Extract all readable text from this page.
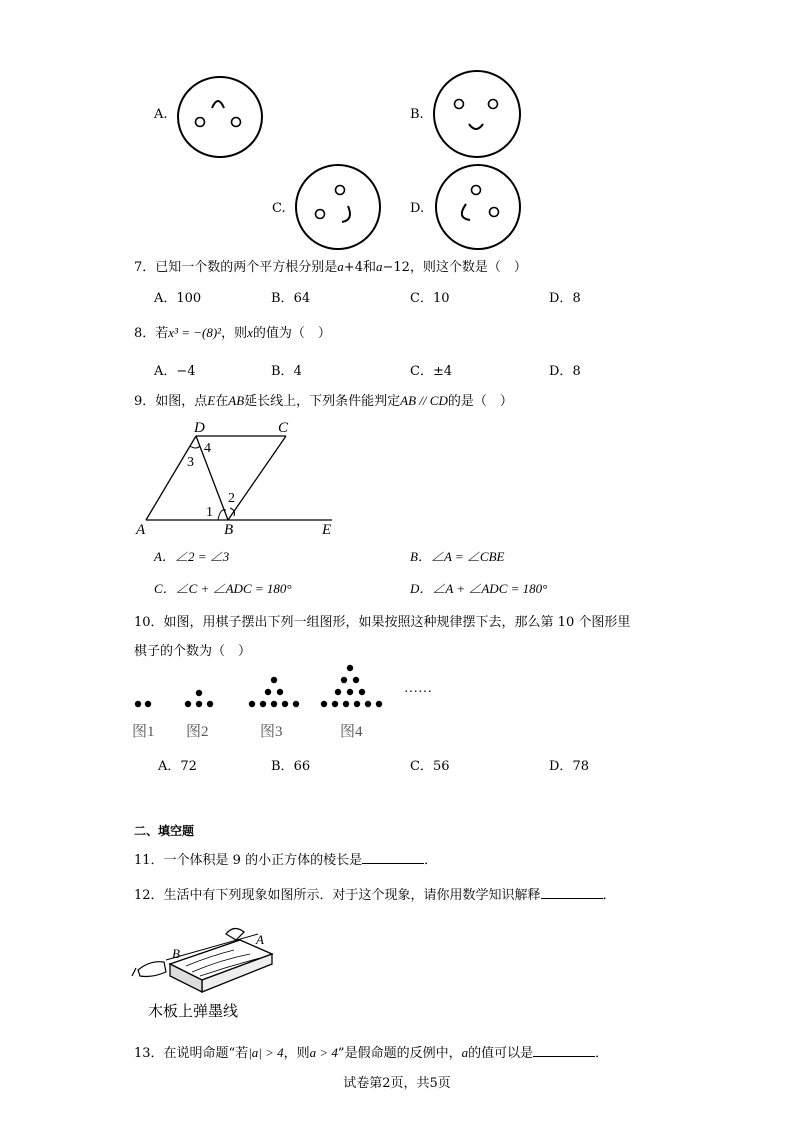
A.	B.
C.	D.
7．已知一个数的两个平方根分别是a+4和a−12，则这个数是（　）
A．100	B．64	C．10	D．8
8．若x³ = −(8)²，则x的值为（　）
A．−4	B．4	C．±4	D．8
9．如图，点E在AB延长线上，下列条件能判定AB // CD的是（　）
D	C
A	B	E
1
2
3
4
A．∠2 = ∠3	B．∠A = ∠CBE
C．∠C + ∠ADC = 180°	D．∠A + ∠ADC = 180°
10．如图，用棋子摆出下列一组图形，如果按照这种规律摆下去，那么第 10 个图形里
棋子的个数为（　）
……
图1 图2	图3	图4
A．72	B．66	C．56	D．78
二、填空题
11．一个体积是 9 的小正方体的棱长是	．
12．生活中有下列现象如图所示．对于这个现象，请你用数学知识解释	．
B
A
木板上弹墨线
13．在说明命题“若|a| > 4，则a > 4”是假命题的反例中，a的值可以是	．
试卷第2页，共5页
